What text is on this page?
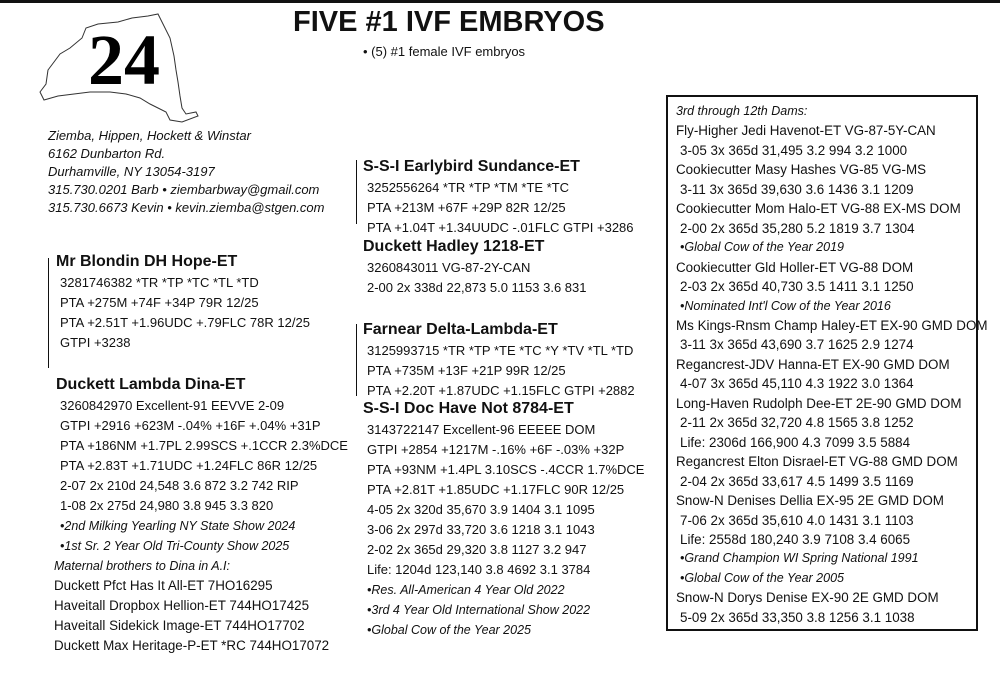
24	FIVE #1 IVF EMBRYOS
• (5) #1 female IVF embryos
Ziemba, Hippen, Hockett & Winstar
6162 Dunbarton Rd.
Durhamville, NY 13054-3197
315.730.0201 Barb • ziembarbway@gmail.com
315.730.6673 Kevin • kevin.ziemba@stgen.com
Mr Blondin DH Hope-ET
3281746382 *TR *TP *TC *TL *TD
PTA +275M +74F +34P 79R 12/25
PTA +2.51T +1.96UDC +.79FLC 78R 12/25
GTPI +3238
Duckett Lambda Dina-ET
3260842970 Excellent-91 EEVVE 2-09
GTPI +2916 +623M -.04% +16F +.04% +31P
PTA +186NM +1.7PL 2.99SCS +.1CCR 2.3%DCE
PTA +2.83T +1.71UDC +1.24FLC 86R 12/25
2-07 2x 210d 24,548 3.6 872 3.2 742 RIP
1-08 2x 275d 24,980 3.8 945 3.3 820
•2nd Milking Yearling NY State Show 2024
•1st Sr. 2 Year Old Tri-County Show 2025
Maternal brothers to Dina in A.I:
Duckett Pfct Has It All-ET 7HO16295
Haveitall Dropbox Hellion-ET 744HO17425
Haveitall Sidekick Image-ET 744HO17702
Duckett Max Heritage-P-ET *RC 744HO17072
S-S-I Earlybird Sundance-ET
3252556264 *TR *TP *TM *TE *TC
PTA +213M +67F +29P 82R 12/25
PTA +1.04T +1.34UUDC -.01FLC GTPI +3286
Duckett Hadley 1218-ET
3260843011 VG-87-2Y-CAN
2-00 2x 338d 22,873 5.0 1153 3.6 831
Farnear Delta-Lambda-ET
3125993715 *TR *TP *TE *TC *Y *TV *TL *TD
PTA +735M +13F +21P 99R 12/25
PTA +2.20T +1.87UDC +1.15FLC GTPI +2882
S-S-I Doc Have Not 8784-ET
3143722147 Excellent-96 EEEEE DOM
GTPI +2854 +1217M -.16% +6F -.03% +32P
PTA +93NM +1.4PL 3.10SCS -.4CCR 1.7%DCE
PTA +2.81T +1.85UDC +1.17FLC 90R 12/25
4-05 2x 320d 35,670 3.9 1404 3.1 1095
3-06 2x 297d 33,720 3.6 1218 3.1 1043
2-02 2x 365d 29,320 3.8 1127 3.2 947
Life: 1204d 123,140 3.8 4692 3.1 3784
•Res. All-American 4 Year Old 2022
•3rd 4 Year Old International Show 2022
•Global Cow of the Year 2025
3rd through 12th Dams:
Fly-Higher Jedi Havenot-ET VG-87-5Y-CAN
3-05 3x 365d 31,495 3.2 994 3.2 1000
Cookiecutter Masy Hashes VG-85 VG-MS
3-11 3x 365d 39,630 3.6 1436 3.1 1209
Cookiecutter Mom Halo-ET VG-88 EX-MS DOM
2-00 2x 365d 35,280 5.2 1819 3.7 1304
•Global Cow of the Year 2019
Cookiecutter Gld Holler-ET VG-88 DOM
2-03 2x 365d 40,730 3.5 1411 3.1 1250
•Nominated Int'l Cow of the Year 2016
Ms Kings-Rnsm Champ Haley-ET EX-90 GMD DOM
3-11 3x 365d 43,690 3.7 1625 2.9 1274
Regancrest-JDV Hanna-ET EX-90 GMD DOM
4-07 3x 365d 45,110 4.3 1922 3.0 1364
Long-Haven Rudolph Dee-ET 2E-90 GMD DOM
2-11 2x 365d 32,720 4.8 1565 3.8 1252
Life: 2306d 166,900 4.3 7099 3.5 5884
Regancrest Elton Disrael-ET VG-88 GMD DOM
2-04 2x 365d 33,617 4.5 1499 3.5 1169
Snow-N Denises Dellia EX-95 2E GMD DOM
7-06 2x 365d 35,610 4.0 1431 3.1 1103
Life: 2558d 180,240 3.9 7108 3.4 6065
•Grand Champion WI Spring National 1991
•Global Cow of the Year 2005
Snow-N Dorys Denise EX-90 2E GMD DOM
5-09 2x 365d 33,350 3.8 1256 3.1 1038
